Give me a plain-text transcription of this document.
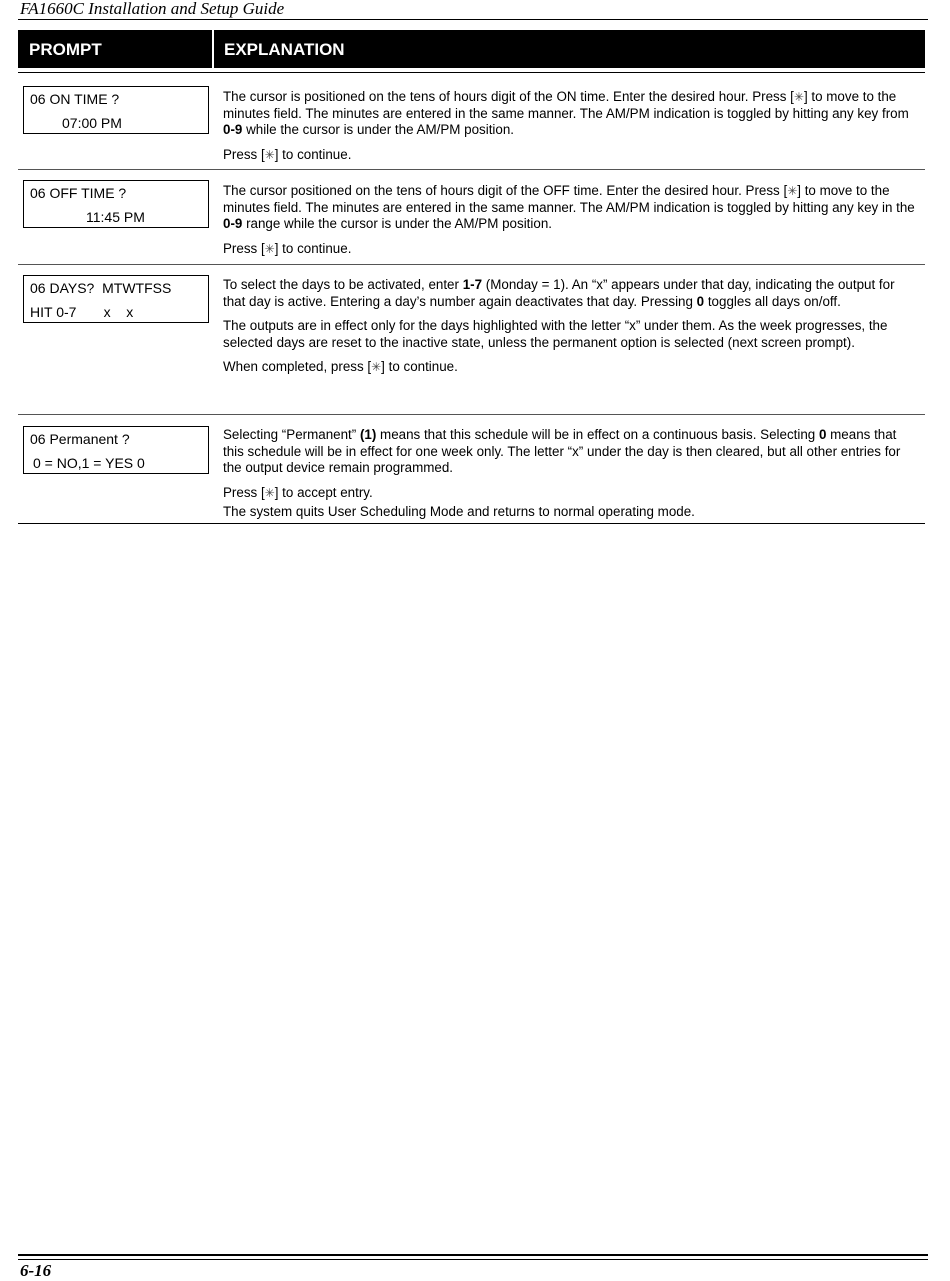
FA1660C Installation and Setup Guide
PROMPT	EXPLANATION
06 ON TIME ?
07:00 PM

The cursor is positioned on the tens of hours digit of the ON time. Enter the desired hour. Press [✳] to move to the minutes field. The minutes are entered in the same manner. The AM/PM indication is toggled by hitting any key from 0-9 while the cursor is under the AM/PM position.

Press [✳] to continue.

06 OFF TIME ?
11:45 PM

The cursor positioned on the tens of hours digit of the OFF time. Enter the desired hour. Press [✳] to move to the minutes field. The minutes are entered in the same manner. The AM/PM indication is toggled by hitting any key in the 0-9 range while the cursor is under the AM/PM position.

Press [✳] to continue.

06 DAYS?  MTWTFSS
HIT 0-7       x    x

To select the days to be activated, enter 1-7 (Monday = 1). An “x” appears under that day, indicating the output for that day is active. Entering a day’s number again deactivates that day. Pressing 0 toggles all days on/off.

The outputs are in effect only for the days highlighted with the letter “x” under them. As the week progresses, the selected days are reset to the inactive state, unless the permanent option is selected (next screen prompt).

When completed, press [✳] to continue.

06 Permanent ?
0 = NO,1 = YES 0

Selecting “Permanent” (1) means that this schedule will be in effect on a continuous basis. Selecting 0 means that this schedule will be in effect for one week only. The letter “x” under the day is then cleared, but all other entries for the output device remain programmed.

Press [✳] to accept entry.

The system quits User Scheduling Mode and returns to normal operating mode.

6-16
